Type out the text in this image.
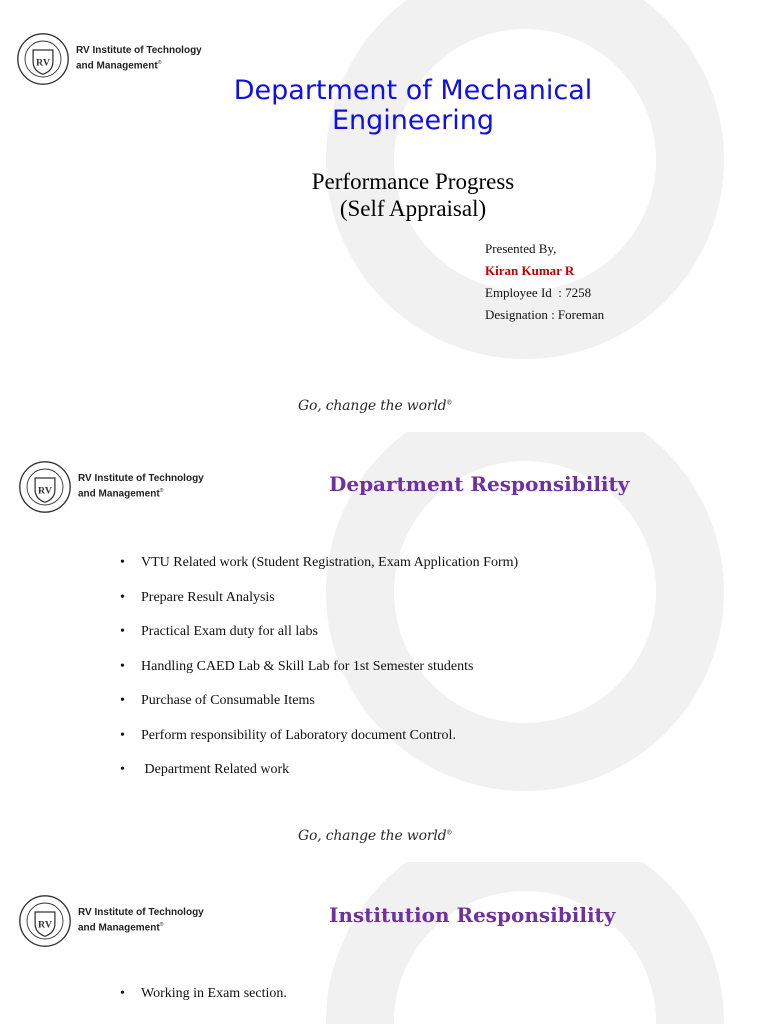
RV
RV Institute of Technology
and Management®
Department of Mechanical
Engineering
Performance Progress
(Self Appraisal)
Presented By,
Kiran Kumar R
Employee Id  : 7258
Designation : Foreman
Go, change the world®
RV
RV Institute of Technology
and Management®	Department Responsibility
•	VTU Related work (Student Registration, Exam Application Form)
•	Prepare Result Analysis
•	Practical Exam duty for all labs
•	Handling CAED Lab & Skill Lab for 1st Semester students
•	Purchase of Consumable Items
•	Perform responsibility of Laboratory document Control.
•	Department Related work
Go, change the world®
RV
RV Institute of Technology
and Management®	Institution Responsibility
•	Working in Exam section.
